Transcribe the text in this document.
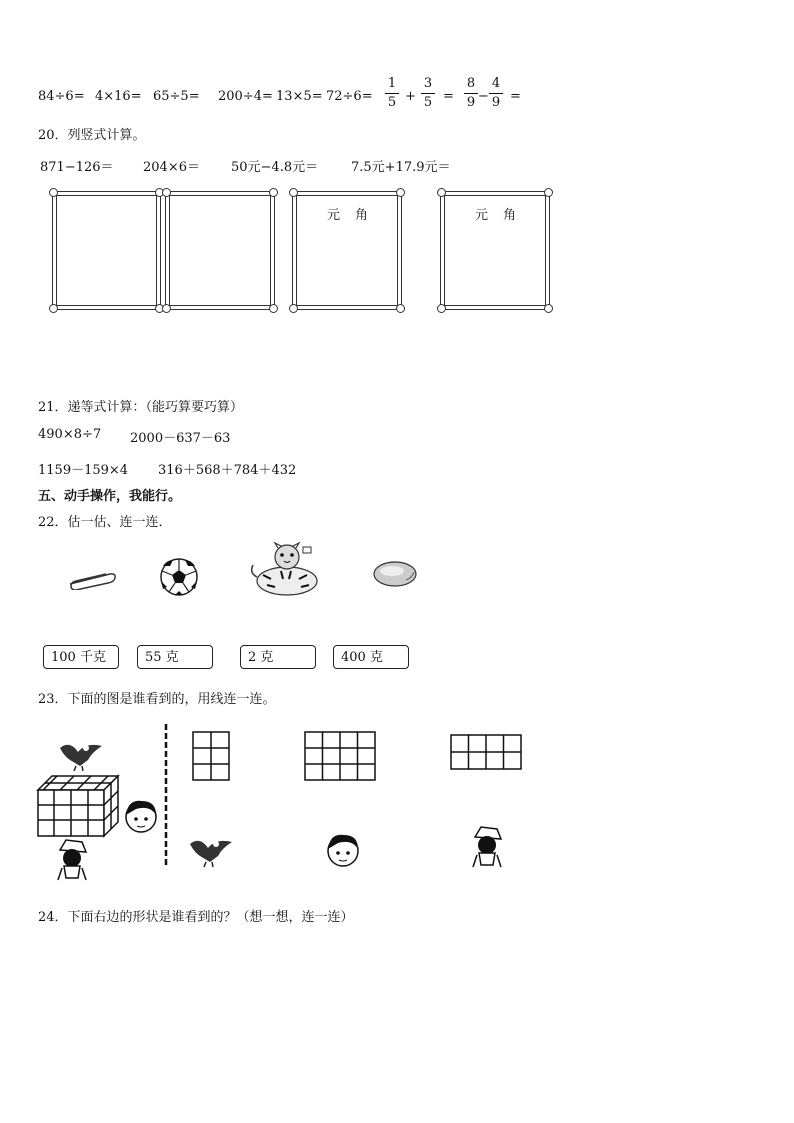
84÷6= 4×16= 65÷5= 200÷4= 13×5= 72÷6=
1
5 +
3
5 =
8
9 −
4
9 =
20．列竖式计算。
871−126＝ 204×6＝ 50元−4.8元＝	7.5元+17.9元＝
元 角	元 角
21．递等式计算：（能巧算要巧算）
490×8÷7 2000－637－63
1159－159×4 316＋568＋784＋432
五、动手操作，我能行。
22．估一估、连一连．
100 千克	55 克	2 克	400 克
23．下面的图是谁看到的，用线连一连。
24．下面右边的形状是谁看到的？（想一想，连一连）
